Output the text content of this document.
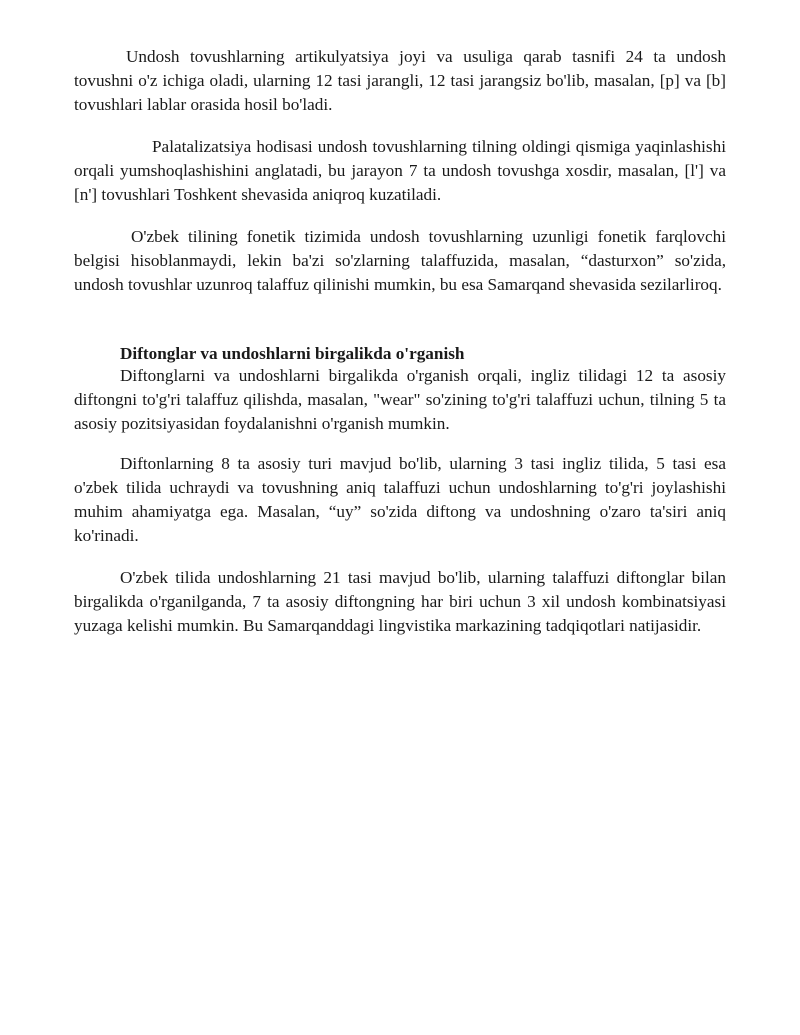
Undosh tovushlarning artikulyatsiya joyi va usuliga qarab tasnifi 24 ta undosh tovushni o'z ichiga oladi, ularning 12 tasi jarangli, 12 tasi jarangsiz bo'lib, masalan, [p] va [b] tovushlari lablar orasida hosil bo'ladi.

Palatalizatsiya hodisasi undosh tovushlarning tilning oldingi qismiga yaqinlashishi orqali yumshoqlashishini anglatadi, bu jarayon 7 ta undosh tovushga xosdir, masalan, [l'] va [n'] tovushlari Toshkent shevasida aniqroq kuzatiladi.

O'zbek tilining fonetik tizimida undosh tovushlarning uzunligi fonetik farqlovchi belgisi hisoblanmaydi, lekin ba'zi so'zlarning talaffuzida, masalan, “dasturxon” so'zida, undosh tovushlar uzunroq talaffuz qilinishi mumkin, bu esa Samarqand shevasida sezilarliroq.

Diftonglar va undoshlarni birgalikda o'rganish

Diftonglarni va undoshlarni birgalikda o'rganish orqali, ingliz tilidagi 12 ta asosiy diftongni to'g'ri talaffuz qilishda, masalan, "wear" so'zining to'g'ri talaffuzi uchun, tilning 5 ta asosiy pozitsiyasidan foydalanishni o'rganish mumkin.

Diftonlarning 8 ta asosiy turi mavjud bo'lib, ularning 3 tasi ingliz tilida, 5 tasi esa o'zbek tilida uchraydi va tovushning aniq talaffuzi uchun undoshlarning to'g'ri joylashishi muhim ahamiyatga ega. Masalan, “uy” so'zida diftong va undoshning o'zaro ta'siri aniq ko'rinadi.

O'zbek tilida undoshlarning 21 tasi mavjud bo'lib, ularning talaffuzi diftonglar bilan birgalikda o'rganilganda, 7 ta asosiy diftongning har biri uchun 3 xil undosh kombinatsiyasi yuzaga kelishi mumkin. Bu Samarqanddagi lingvistika markazining tadqiqotlari natijasidir.
